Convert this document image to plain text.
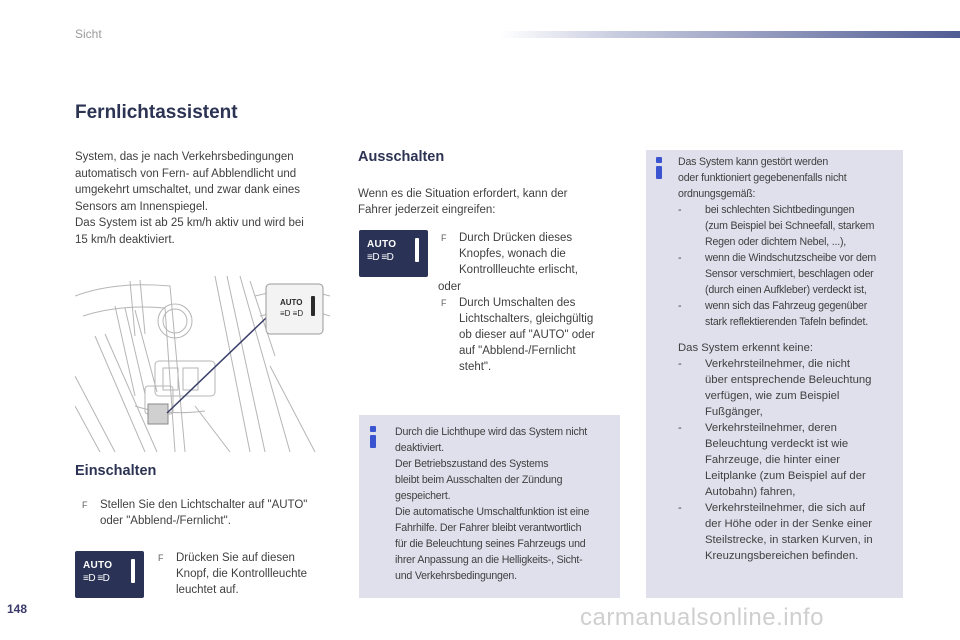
Sicht
Fernlichtassistent
System, das je nach Verkehrsbedingungen
automatisch von Fern- auf Abblendlicht und
umgekehrt umschaltet, und zwar dank eines
Sensors am Innenspiegel.
Das System ist ab 25 km/h aktiv und wird bei
15 km/h deaktiviert.
AUTO
≡D ≡D
Einschalten
F	Stellen Sie den Lichtschalter auf "AUTO"
oder "Abblend-/Fernlicht".
AUTO
≡D ≡D
F	Drücken Sie auf diesen
Knopf, die Kontrollleuchte
leuchtet auf.
Ausschalten
Wenn es die Situation erfordert, kann der
Fahrer jederzeit eingreifen:
AUTO
≡D ≡D
F	Durch Drücken dieses
Knopfes, wonach die
Kontrollleuchte erlischt,
oder
F	Durch Umschalten des
Lichtschalters, gleichgültig
ob dieser auf "AUTO" oder
auf "Abblend-/Fernlicht
steht".
Durch die Lichthupe wird das System nicht
deaktiviert.
Der Betriebszustand des Systems
bleibt beim Ausschalten der Zündung
gespeichert.
Die automatische Umschaltfunktion ist eine
Fahrhilfe. Der Fahrer bleibt verantwortlich
für die Beleuchtung seines Fahrzeugs und
ihrer Anpassung an die Helligkeits-, Sicht-
und Verkehrsbedingungen.
Das System kann gestört werden
oder funktioniert gegebenenfalls nicht
ordnungsgemäß:
- bei schlechten Sichtbedingungen
(zum Beispiel bei Schneefall, starkem
Regen oder dichtem Nebel, ...),
- wenn die Windschutzscheibe vor dem
Sensor verschmiert, beschlagen oder
(durch einen Aufkleber) verdeckt ist,
- wenn sich das Fahrzeug gegenüber
stark reflektierenden Tafeln befindet.
Das System erkennt keine:
- Verkehrsteilnehmer, die nicht
über entsprechende Beleuchtung
verfügen, wie zum Beispiel
Fußgänger,
- Verkehrsteilnehmer, deren
Beleuchtung verdeckt ist wie
Fahrzeuge, die hinter einer
Leitplanke (zum Beispiel auf der
Autobahn) fahren,
- Verkehrsteilnehmer, die sich auf
der Höhe oder in der Senke einer
Steilstrecke, in starken Kurven, in
Kreuzungsbereichen befinden.
148	carmanualsonline.info
